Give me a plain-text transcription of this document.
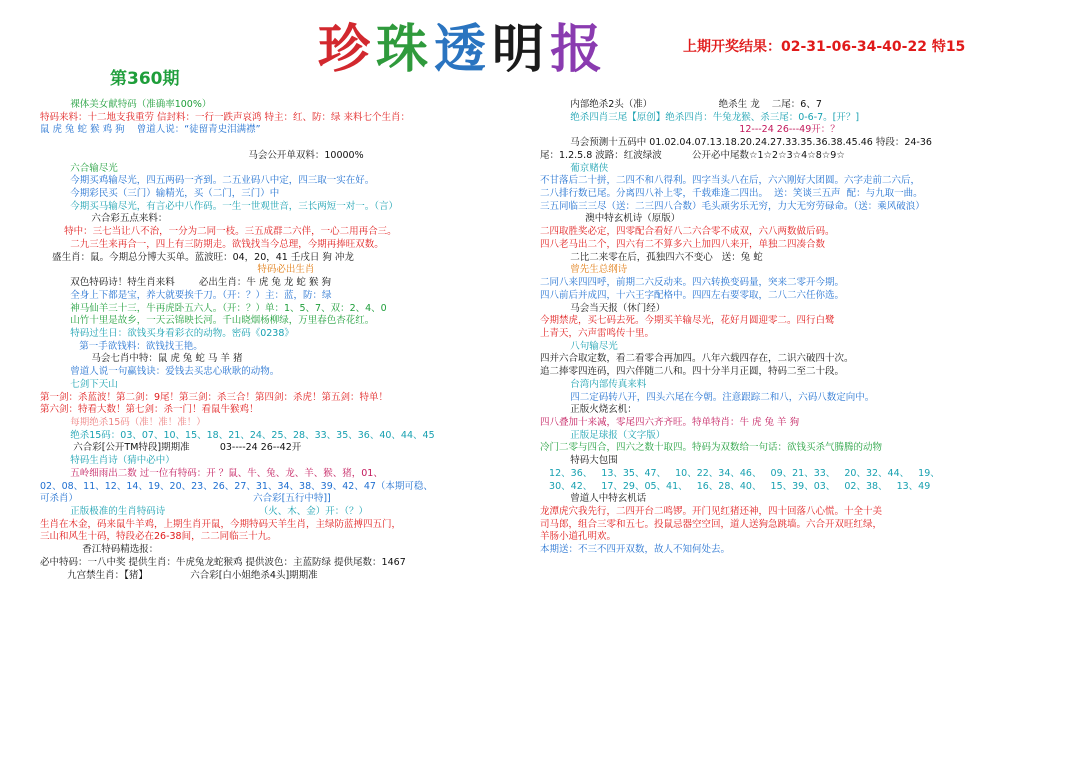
珍珠透明报	上期开奖结果：02-31-06-34-40-22 特15
第360期
裸体美女献特码（准确率100%）
特码来料：十二地支我重劳 信封料：一行一跌声哀鸿 特主：红、防：绿 来料七个生肖：
鼠 虎 兔 蛇 猴 鸡 狗    曾道人说：“徒留青史泪满襟”

马会公开单双料：10000%
六合输尽光
今期买鸡输尽光，四五两码一齐到。二五业码八中定，四三取一实在好。
今期彩民买（三门）输精光，买（二门，三门）中
今期买马输尽光，有言必中八作码。一生一世观世音，三长两短一对一。（言）
六合彩五点来料：
特中：三七当让八不治，一分为二同一枝。三五成群二六伴，一心二用再合三。
二九三生来再合一，四上有三防期走。欲钱找当今总理，今期再捧旺双数。
盛生肖：鼠。今期总分博大买单。蓝波旺：04，20，41 壬戌日 狗 冲龙
特码必出生肖
双色特码诗！特生肖来料        必出生肖：牛 虎 兔 龙 蛇 猴 狗
全身上下都是宝，养大就要挨千刀。（开：？）主：蓝，防：绿
神马仙羊三十三，牛再虎卧五六人。（开：？）单：1、5、7、双：2、4、0
山竹十里是故乡，一天云锦映长河。千山晓烟杨柳绿，万里春色杏花红。
特码过生日：欲钱买身看彩衣的动物。密码《0238》
第一手欲钱料：欲钱找王艳。
马会七肖中特：鼠 虎 兔 蛇 马 羊 猪
曾道人说一句赢钱诀：爱钱去买忠心耿耿的动物。
七剑下天山
第一剑：杀蓝波！第二剑：9尾！第三剑：杀三合！第四剑：杀虎！第五剑：特单！
第六剑：特看大数！第七剑：杀一门！看鼠牛猴鸡！
每期绝杀15码（准！准！准！）
绝杀15码：03、07、10、15、18、21、24、25、28、33、35、36、40、44、45
六合彩[公开TM特段]期期准          03----24 26--42开
特码生肖诗（猜中必中）
五岭细雨出二数 过一位有特码：开 ？鼠、牛、兔、龙、羊、猴、猪，01、
02、08、11、12、14、19、20、23、26、27、31、34、38、39、42、47（本期可稳、
可杀肖）                                                          六合彩[五行中特]]
正版极准的生肖特码诗                               （火、木、金）开：（？）
生肖在木金，码来鼠牛羊鸡，上期生肖开鼠，今期特码天羊生肖，主绿防蓝搏四五门，
三山和风生十码，特段必在26-38间，二二同临三十九。
香江特码精选报：
必中特码：一八中奖 提供生肖：牛虎兔龙蛇猴鸡 提供波色：主蓝防绿 提供尾数：1467
九宫禁生肖：【猪】              六合彩[白小姐绝杀4头]期期准
内部绝杀2头（准）                      绝杀生 龙    二尾：6、7
绝杀四肖三尾【原创】绝杀四肖：牛兔龙猴、杀三尾：0-6-7。[开？]
12---24 26---49开：？
马会预测十五码中 01.02.04.07.13.18.20.24.27.33.35.36.38.45.46 特段：24-36
尾：1.2.5.8 波路：红波绿波          公开必中尾数☆1☆2☆3☆4☆8☆9☆
葡京赌侠
不甘落后二十拼，二四不和八得利。四字当头八在后，六六刚好大团圆。六字走前二六后，
二八排行数已尾。分离四八补上零，千载难逢二四出。  送：笑谈三五声  配：与九取一曲。
三五同临三三尽（送：二三四八合数）毛头顽劣乐无穷，力大无穷劳碌命。（送：乘风破浪）
澳中特玄机诗（原版）
二四取胜奖必定，四零配合看好八二六合零不成双，六八两数做后码。
四八老马出二个，四六有二不算多六上加四八来开，单独二四凑合数
二比二来零在后，孤独四六不变心   送：兔 蛇
曾先生总纲诗
二同八来四四呼，前期二六反动来。四六转换变码量，突来二零开今期。
四八前后并成四，十六王字配格中。四四左右要零取，二八二六任你选。
马会当天报（休门经）
今期禁虎，买七码去死。今期买羊输尽光，花好月圆迎零二。四行白鹭
上青天，六声雷鸣传十里。
八句输尽光
四并六合取定数，看二看零合再加四。八年六载四存在，二识六破四十次。
追二捧零四连码，四六伴随二八和。四十分半月正圆，特码二至二十段。
台湾内部传真来料
四二定码转八开，四头六尾在今朝。注意跟踪二和八，六码八数定向中。
正版火烧玄机：
四八叠加十来减，零尾四六齐齐旺。特单特肖：牛 虎 兔 羊 狗
正版足球报（文字版）
冷门二零与四合，四六之数十取四。特码为双数给一句话：欲钱买杀气腾腾的动物
特码大包围
12、36、   13、35、47、   10、22、34、46、   09、21、33、   20、32、44、   19、
30、42、   17、29、05、41、   16、28、40、   15、39、03、   02、38、   13、49
曾道人中特玄机话
龙潭虎穴我先行，二四开台二鸣锣。开门见红猪还神，四十回落八心慌。十全十美
司马郎，组合三零和五七。投鼠忌器空空回，道人送狗急跳墙。六合开双旺红绿，
羊肠小道孔明欢。
本期送：不三不四开双数，故人不知何处去。
